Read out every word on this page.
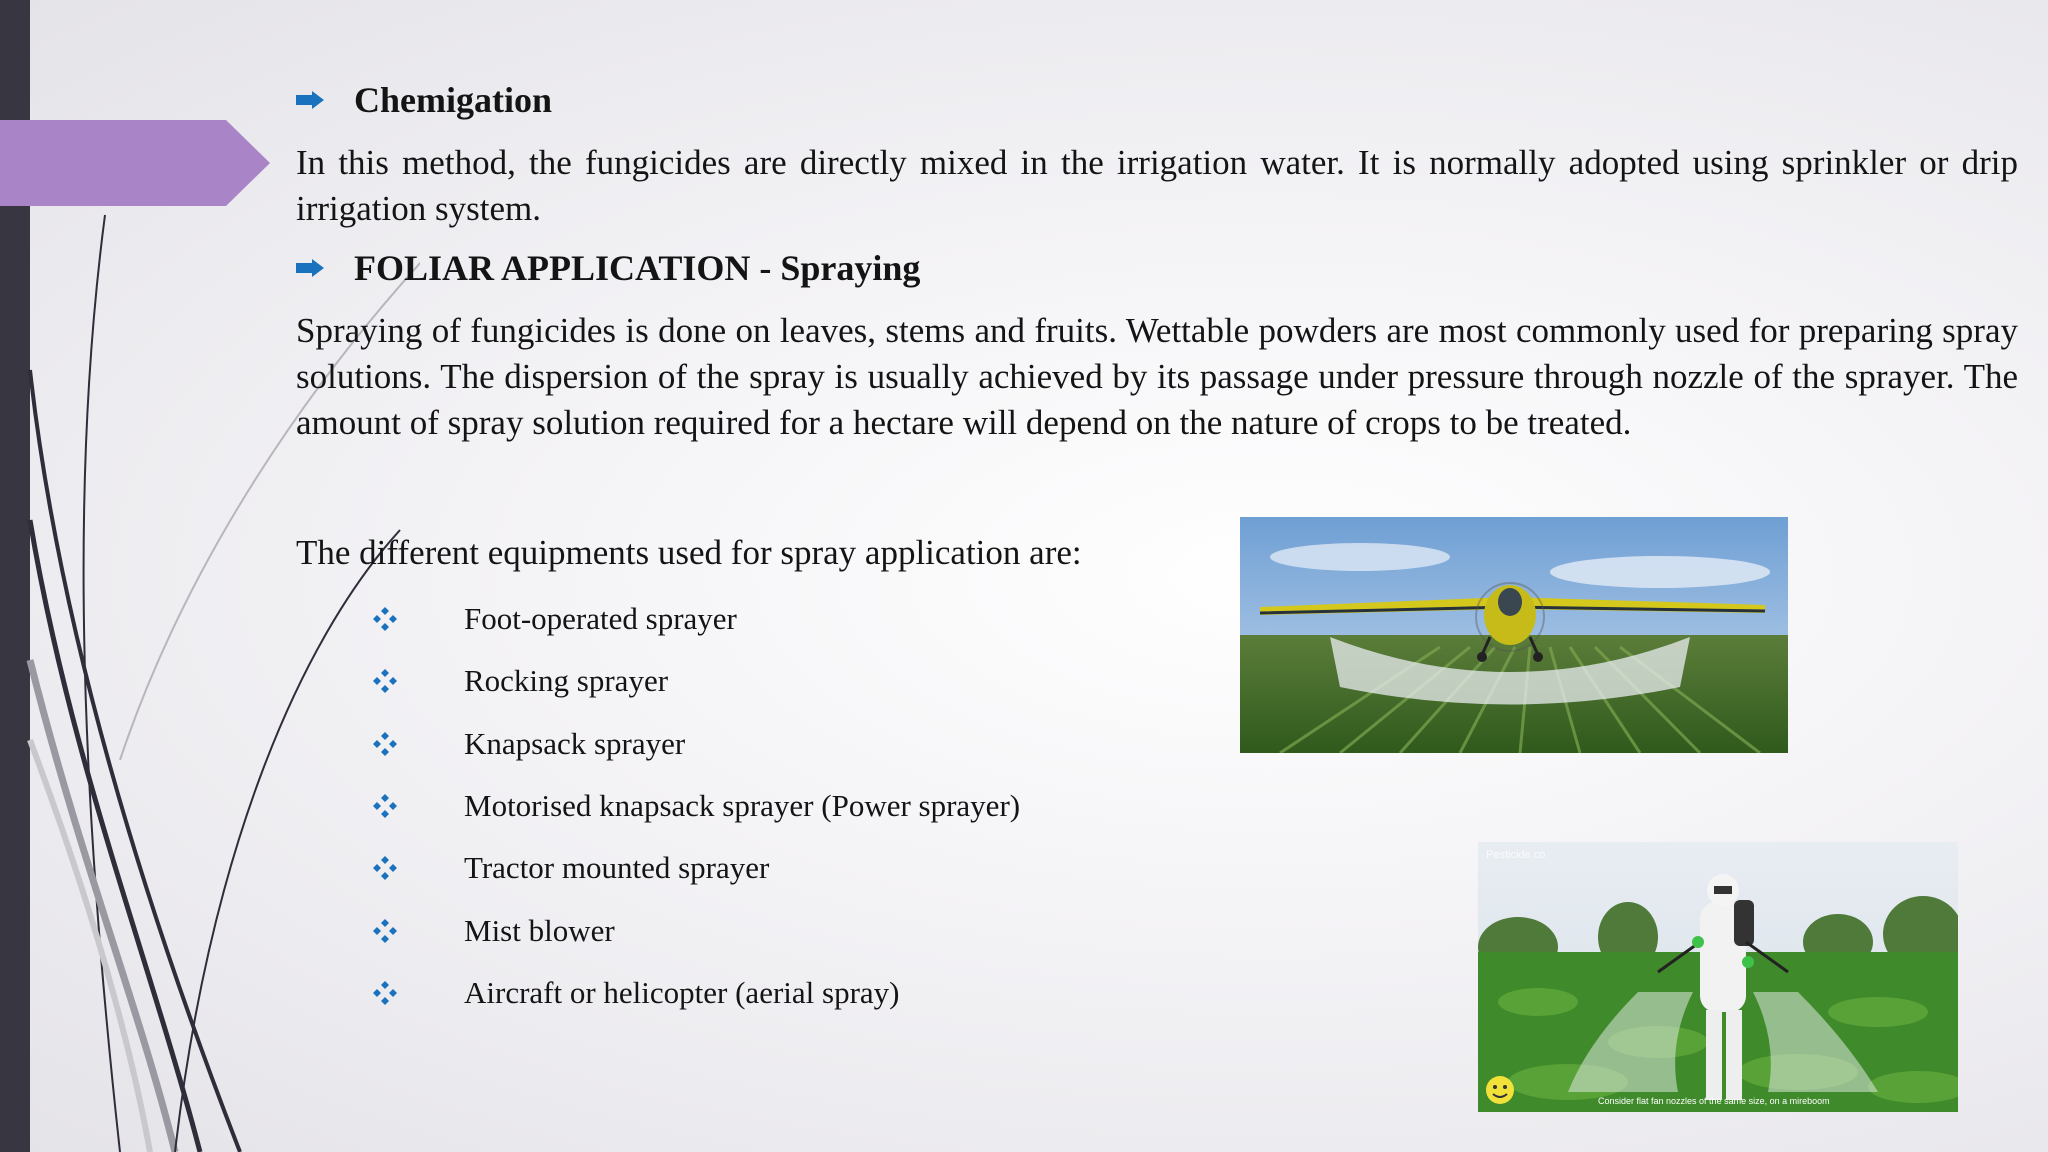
Chemigation

In this method, the fungicides are directly mixed in the irrigation water. It is normally adopted using sprinkler or drip irrigation system.

FOLIAR APPLICATION - Spraying

Spraying of fungicides is done on leaves, stems and fruits. Wettable powders are most commonly used for preparing spray solutions. The dispersion of the spray is usually achieved by its passage under pressure through nozzle of the sprayer. The amount of spray solution required for a hectare will depend on the nature of crops to be treated.

The different equipments used for spray application are:
Foot-operated sprayer
Rocking sprayer
Knapsack sprayer
Motorised knapsack sprayer (Power sprayer)
Tractor mounted sprayer
Mist blower
Aircraft or helicopter (aerial spray)
Pesticide.co
Consider flat fan nozzles of the same size, on a mireboom
